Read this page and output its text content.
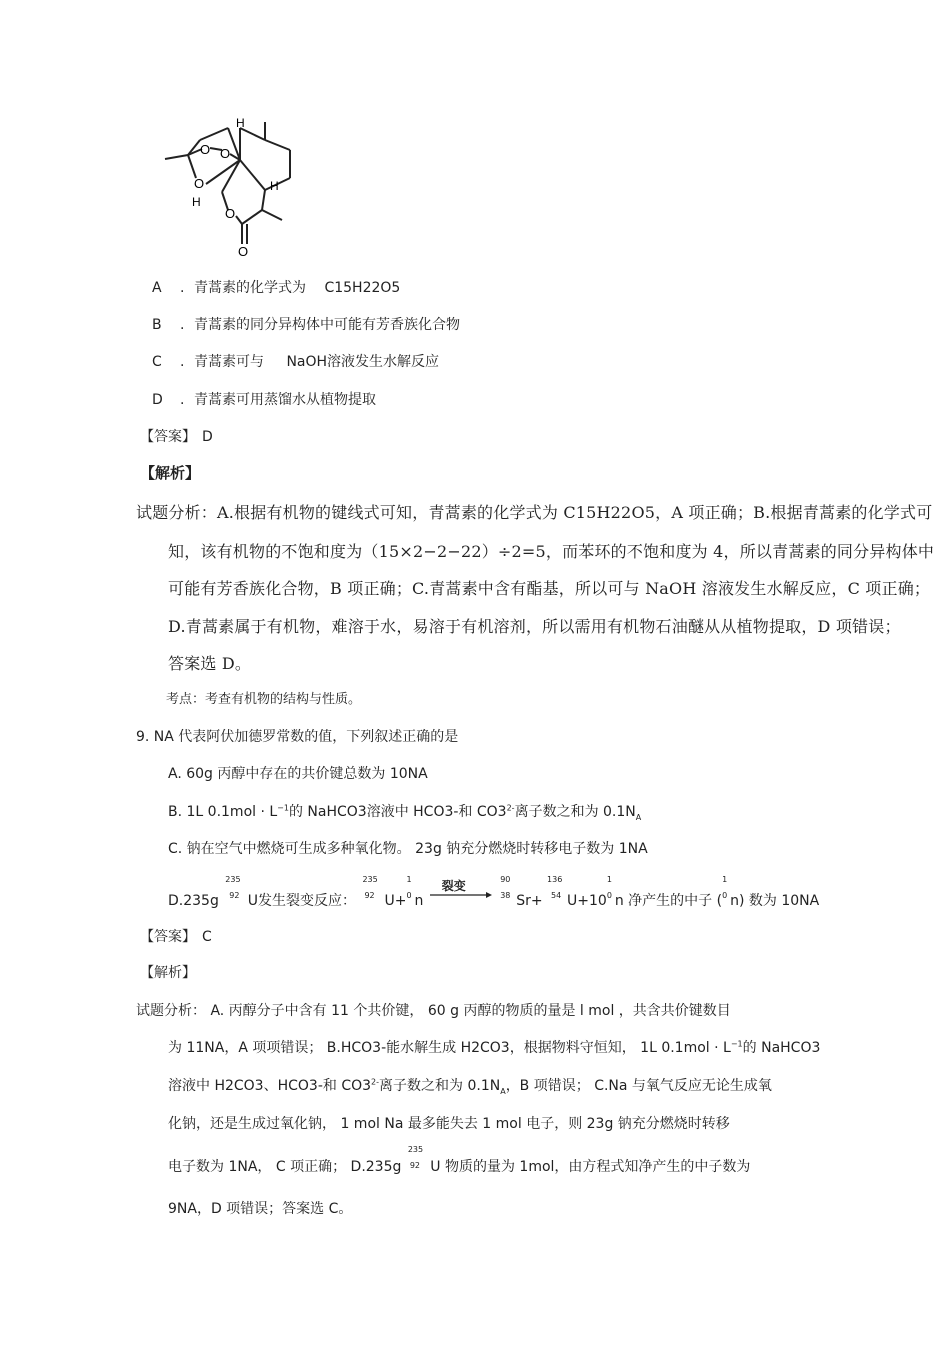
H
H
H
O O
O
O
O
A . 青蒿素的化学式为 C15H22O5
B . 青蒿素的同分异构体中可能有芳香族化合物
C . 青蒿素可与 NaOH溶液发生水解反应
D . 青蒿素可用蒸馏水从植物提取
【答案】 D
【解析】
试题分析：A.根据有机物的键线式可知，青蒿素的化学式为 C15H22O5，A 项正确；B.根据青蒿素的化学式可
知，该有机物的不饱和度为（15×2−2−22）÷2=5，而苯环的不饱和度为 4，所以青蒿素的同分异构体中
可能有芳香族化合物，B 项正确；C.青蒿素中含有酯基，所以可与 NaOH 溶液发生水解反应，C 项正确；
D.青蒿素属于有机物，难溶于水，易溶于有机溶剂，所以需用有机物石油醚从从植物提取，D 项错误；
答案选 D。
考点：考查有机物的结构与性质。
9. NA 代表阿伏加德罗常数的值，下列叙述正确的是
A. 60g 丙醇中存在的共价键总数为 10NA
B. 1L $0.1mol \cdot L^{-1}$的 NaHCO3溶液中 HCO3-和 $CO3^{2-}$离子数之和为 $0.1N_A$
C. 钠在空气中燃烧可生成多种氧化物。 23g 钠充分燃烧时转移电子数为 1NA
D.235g
235
92 U发生裂变反应：
235
92 U+
1
0 n
裂变
	90
38 Sr+
136
54 U+10
1
0 n 净产生的中子 (
1
0 n) 数为 10NA
【答案】 C
【解析】
试题分析： A. 丙醇分子中含有 11 个共价键， 60 g 丙醇的物质的量是 l mol ，共含共价键数目
为 11NA，A 项项错误； B.HCO3-能水解生成 H2CO3，根据物料守恒知， 1L $0.1mol \cdot L^{-1}$的 NaHCO3
溶液中 H2CO3、HCO3-和 $CO3^{2-}$离子数之和为 $0.1N_A$，B 项错误； C.Na 与氧气反应无论生成氧
化钠，还是生成过氧化钠， 1 mol Na 最多能失去 1 mol 电子，则 23g 钠充分燃烧时转移
电子数为 1NA， C 项正确； D.235g
235
92 U 物质的量为 1mol，由方程式知净产生的中子数为
9NA，D 项错误；答案选 C。
